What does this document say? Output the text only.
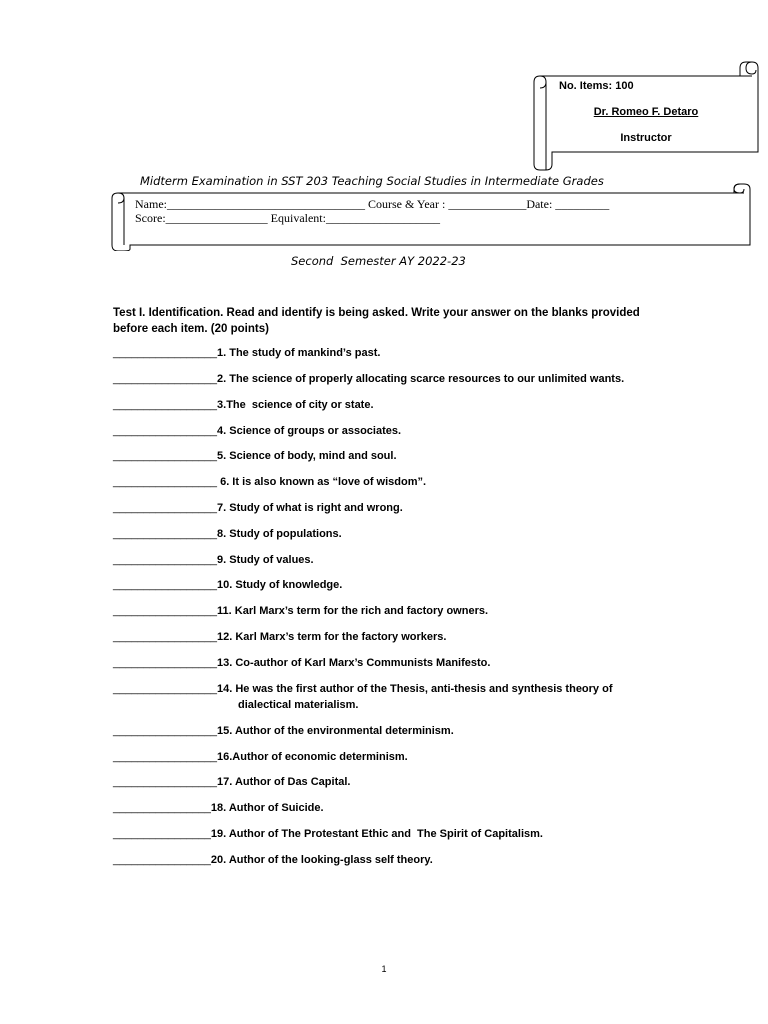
No. Items: 100
Dr. Romeo F. Detaro
Instructor
Midterm Examination in SST 203 Teaching Social Studies in Intermediate Grades
Name:_________________________________ Course & Year : _____________Date: _________
Score:_________________ Equivalent:___________________
Second  Semester AY 2022-23
Test I. Identification. Read and identify is being asked. Write your answer on the blanks provided before each item. (20 points)
_________________1. The study of mankind’s past.
_________________2. The science of properly allocating scarce resources to our unlimited wants.
_________________3.The  science of city or state.
_________________4. Science of groups or associates.
_________________5. Science of body, mind and soul.
_________________ 6. It is also known as “love of wisdom”.
_________________7. Study of what is right and wrong.
_________________8. Study of populations.
_________________9. Study of values.
_________________10. Study of knowledge.
_________________11. Karl Marx’s term for the rich and factory owners.
_________________12. Karl Marx’s term for the factory workers.
_________________13. Co-author of Karl Marx’s Communists Manifesto.
_________________14. He was the first author of the Thesis, anti-thesis and synthesis theory of
dialectical materialism.
_________________15. Author of the environmental determinism.
_________________16.Author of economic determinism.
_________________17. Author of Das Capital.
________________18. Author of Suicide.
________________19. Author of The Protestant Ethic and  The Spirit of Capitalism.
________________20. Author of the looking-glass self theory.
1
